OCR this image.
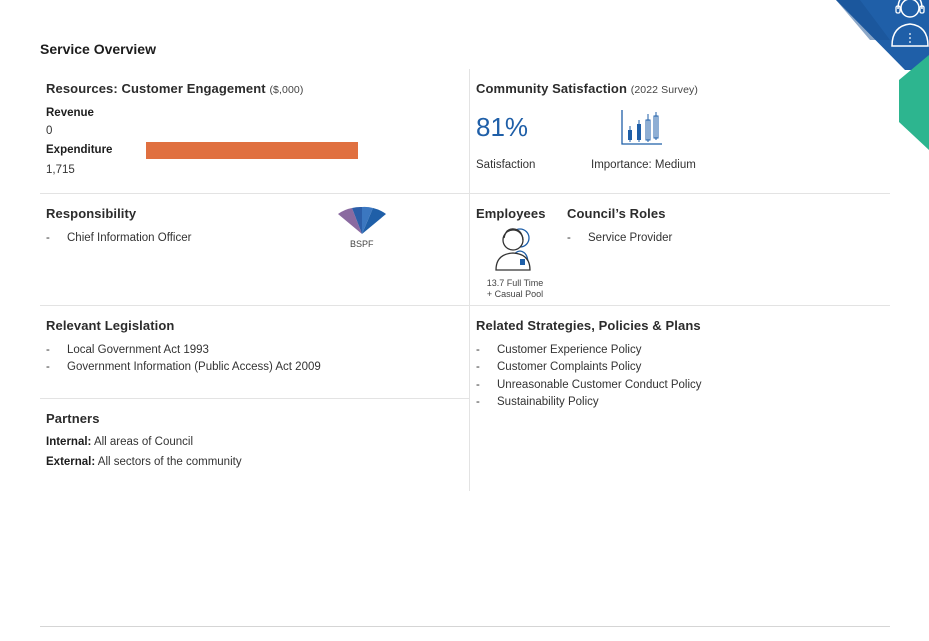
Service Overview
Resources: Customer Engagement ($,000)
Revenue
0
Expenditure
1,715
Community Satisfaction (2022 Survey)
81%
Satisfaction	Importance: Medium
Responsibility
- Chief Information Officer	BSPF
Employees
13.7 Full Time
+ Casual Pool
Council’s Roles
- Service Provider
Relevant Legislation
- Local Government Act 1993
- Government Information (Public Access) Act 2009
Related Strategies, Policies & Plans
- Customer Experience Policy
- Customer Complaints Policy
- Unreasonable Customer Conduct Policy
- Sustainability Policy
Partners
Internal: All areas of Council
External: All sectors of the community
